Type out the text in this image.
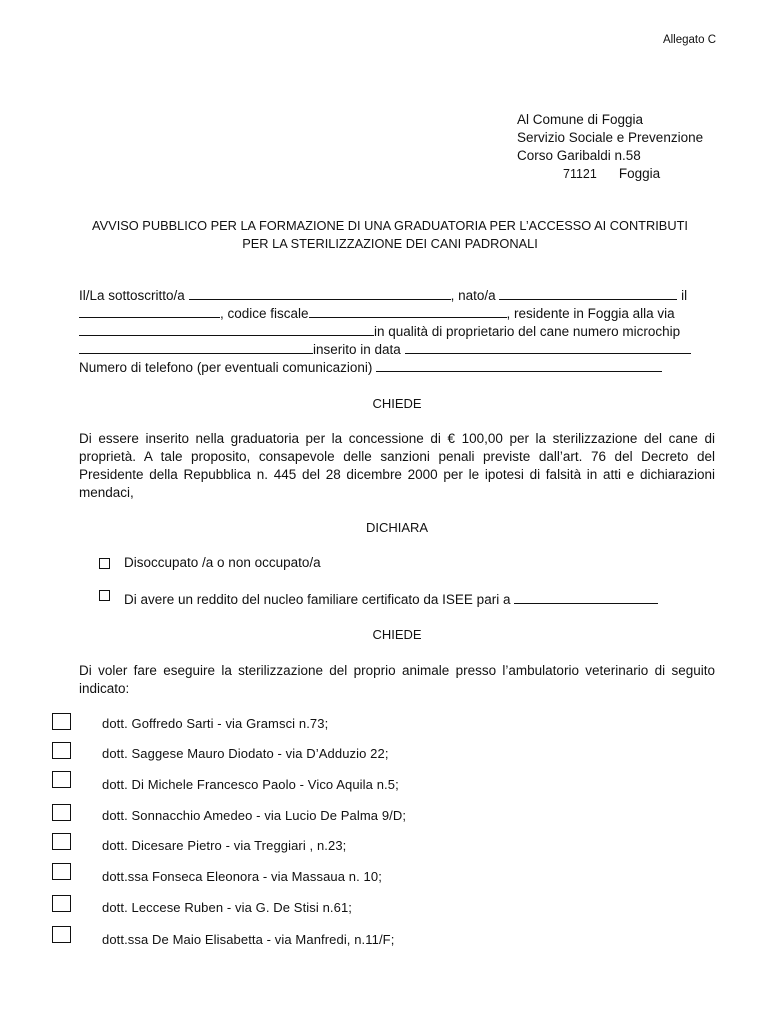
Allegato C
Al Comune di Foggia
Servizio Sociale e Prevenzione
Corso Garibaldi n.58
71121 Foggia
AVVISO PUBBLICO PER LA FORMAZIONE DI UNA GRADUATORIA PER L’ACCESSO AI CONTRIBUTI
PER LA STERILIZZAZIONE DEI CANI PADRONALI
Il/La sottoscritto/a	, nato/a	il
, codice fiscale	, residente in Foggia alla via
in qualità di proprietario del cane numero microchip
inserito in data
Numero di telefono (per eventuali comunicazioni)
CHIEDE
Di essere inserito nella graduatoria per la concessione di € 100,00 per la sterilizzazione del cane di proprietà. A tale proposito, consapevole delle sanzioni penali previste dall’art. 76 del Decreto del Presidente della Repubblica n. 445 del 28 dicembre 2000 per le ipotesi di falsità in atti e dichiarazioni mendaci,
DICHIARA
Disoccupato /a o non occupato/a
Di avere un reddito del nucleo familiare certificato da ISEE pari a
CHIEDE
Di voler fare eseguire la sterilizzazione del proprio animale presso l’ambulatorio veterinario di seguito indicato:
dott. Goffredo Sarti - via Gramsci n.73;
dott. Saggese Mauro Diodato - via D’Adduzio 22;
dott. Di Michele Francesco Paolo - Vico Aquila n.5;
dott. Sonnacchio Amedeo - via Lucio De Palma 9/D;
dott. Dicesare Pietro - via Treggiari , n.23;
dott.ssa Fonseca Eleonora - via Massaua n. 10;
dott. Leccese Ruben - via G. De Stisi n.61;
dott.ssa De Maio Elisabetta - via Manfredi, n.11/F;
